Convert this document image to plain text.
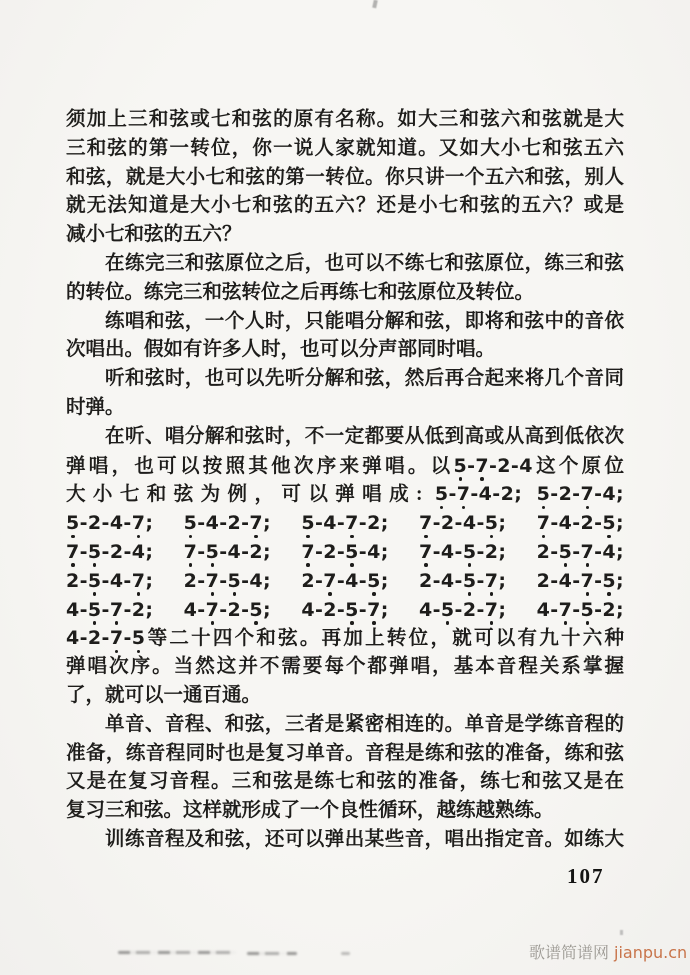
须加上三和弦或七和弦的原有名称。如大三和弦六和弦就是大
三和弦的第一转位，你一说人家就知道。又如大小七和弦五六
和弦，就是大小七和弦的第一转位。你只讲一个五六和弦，别人
就无法知道是大小七和弦的五六？还是小七和弦的五六？或是
减小七和弦的五六？
在练完三和弦原位之后，也可以不练七和弦原位，练三和弦
的转位。练完三和弦转位之后再练七和弦原位及转位。
练唱和弦，一个人时，只能唱分解和弦，即将和弦中的音依
次唱出。假如有许多人时，也可以分声部同时唱。
听和弦时，也可以先听分解和弦，然后再合起来将几个音同
时弹。
在听、唱分解和弦时，不一定都要从低到高或从高到低依次
弹唱，也可以按照其他次序来弹唱。以5-7-2-4这个原位
大小七和弦为例，可以弹唱成: 5-7-4-2; 5-2-7-4;
5-2-4-7; 5-4-2-7; 5-4-7-2; 7-2-4-5; 7-4-2-5;
7-5-2-4; 7-5-4-2; 7-2-5-4; 7-4-5-2; 2-5-7-4;
2-5-4-7; 2-7-5-4; 2-7-4-5; 2-4-5-7; 2-4-7-5;
4-5-7-2; 4-7-2-5; 4-2-5-7; 4-5-2-7; 4-7-5-2;
4-2-7-5等二十四个和弦。再加上转位，就可以有九十六种
弹唱次序。当然这并不需要每个都弹唱，基本音程关系掌握
了，就可以一通百通。
单音、音程、和弦，三者是紧密相连的。单音是学练音程的
准备，练音程同时也是复习单音。音程是练和弦的准备，练和弦
又是在复习音程。三和弦是练七和弦的准备，练七和弦又是在
复习三和弦。这样就形成了一个良性循环，越练越熟练。
训练音程及和弦，还可以弹出某些音，唱出指定音。如练大
107
歌谱简谱网 jianpu.cn
